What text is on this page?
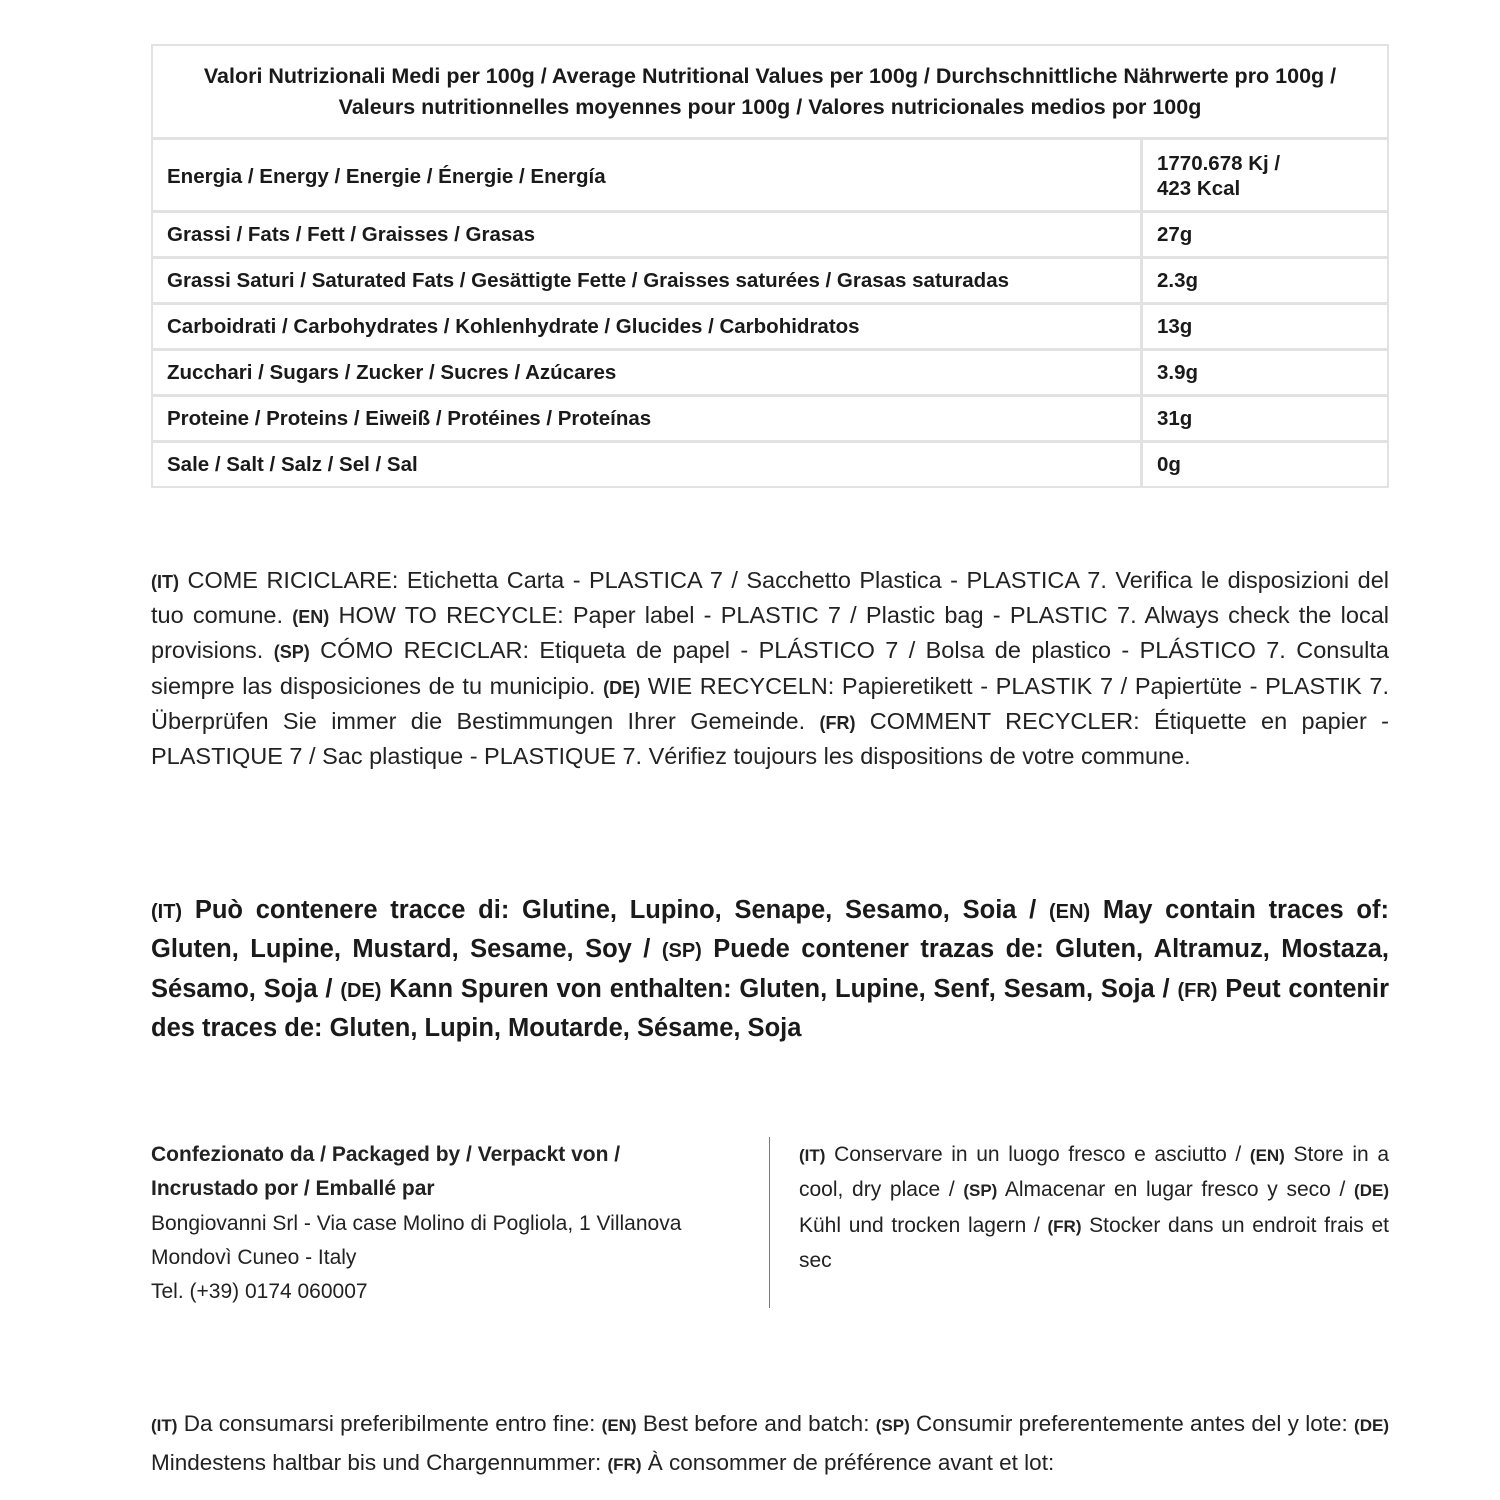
Valori Nutrizionali Medi per 100g / Average Nutritional Values per 100g / Durchschnittliche Nährwerte pro 100g / Valeurs nutritionnelles moyennes pour 100g / Valores nutricionales medios por 100g	
Energia / Energy / Energie / Énergie / Energía	1770.678 Kj /
423 Kcal

Grassi / Fats / Fett / Graisses / Grasas	27g
Grassi Saturi / Saturated Fats / Gesättigte Fette / Graisses saturées / Grasas saturadas	2.3g
Carboidrati / Carbohydrates / Kohlenhydrate / Glucides / Carbohidratos	13g
Zucchari / Sugars / Zucker / Sucres / Azúcares	3.9g
Proteine / Proteins / Eiweiß / Protéines / Proteínas	31g
Sale / Salt / Salz / Sel / Sal	0g

(IT) COME RICICLARE: Etichetta Carta - PLASTICA 7 / Sacchetto Plastica - PLASTICA 7. Verifica le disposizioni del tuo comune. (EN) HOW TO RECYCLE: Paper label - PLASTIC 7 / Plastic bag - PLASTIC 7. Always check the local provisions. (SP) CÓMO RECICLAR: Etiqueta de papel - PLÁSTICO 7 / Bolsa de plastico - PLÁSTICO 7. Consulta siempre las disposiciones de tu municipio. (DE) WIE RECYCELN: Papieretikett - PLASTIK 7 / Papiertüte - PLASTIK 7. Überprüfen Sie immer die Bestimmungen Ihrer Gemeinde. (FR) COMMENT RECYCLER: Étiquette en papier - PLASTIQUE 7 / Sac plastique - PLASTIQUE 7. Vérifiez toujours les dispositions de votre commune.

(IT) Può contenere tracce di: Glutine, Lupino, Senape, Sesamo, Soia / (EN) May contain traces of: Gluten, Lupine, Mustard, Sesame, Soy / (SP) Puede contener trazas de: Gluten, Altramuz, Mostaza, Sésamo, Soja / (DE) Kann Spuren von enthalten: Gluten, Lupine, Senf, Sesam, Soja / (FR) Peut contenir des traces de: Gluten, Lupin, Moutarde, Sésame, Soja

Confezionato da / Packaged by / Verpackt von /
Incrustado por / Emballé par
Bongiovanni Srl - Via case Molino di Pogliola, 1 Villanova
Mondovì Cuneo - Italy
Tel. (+39) 0174 060007

(IT) Conservare in un luogo fresco e asciutto / (EN) Store in a cool, dry place / (SP) Almacenar en lugar fresco y seco / (DE) Kühl und trocken lagern / (FR) Stocker dans un endroit frais et sec

(IT) Da consumarsi preferibilmente entro fine: (EN) Best before and batch: (SP) Consumir preferentemente antes del y lote: (DE) Mindestens haltbar bis und Chargennummer: (FR) À consommer de préférence avant et lot:
